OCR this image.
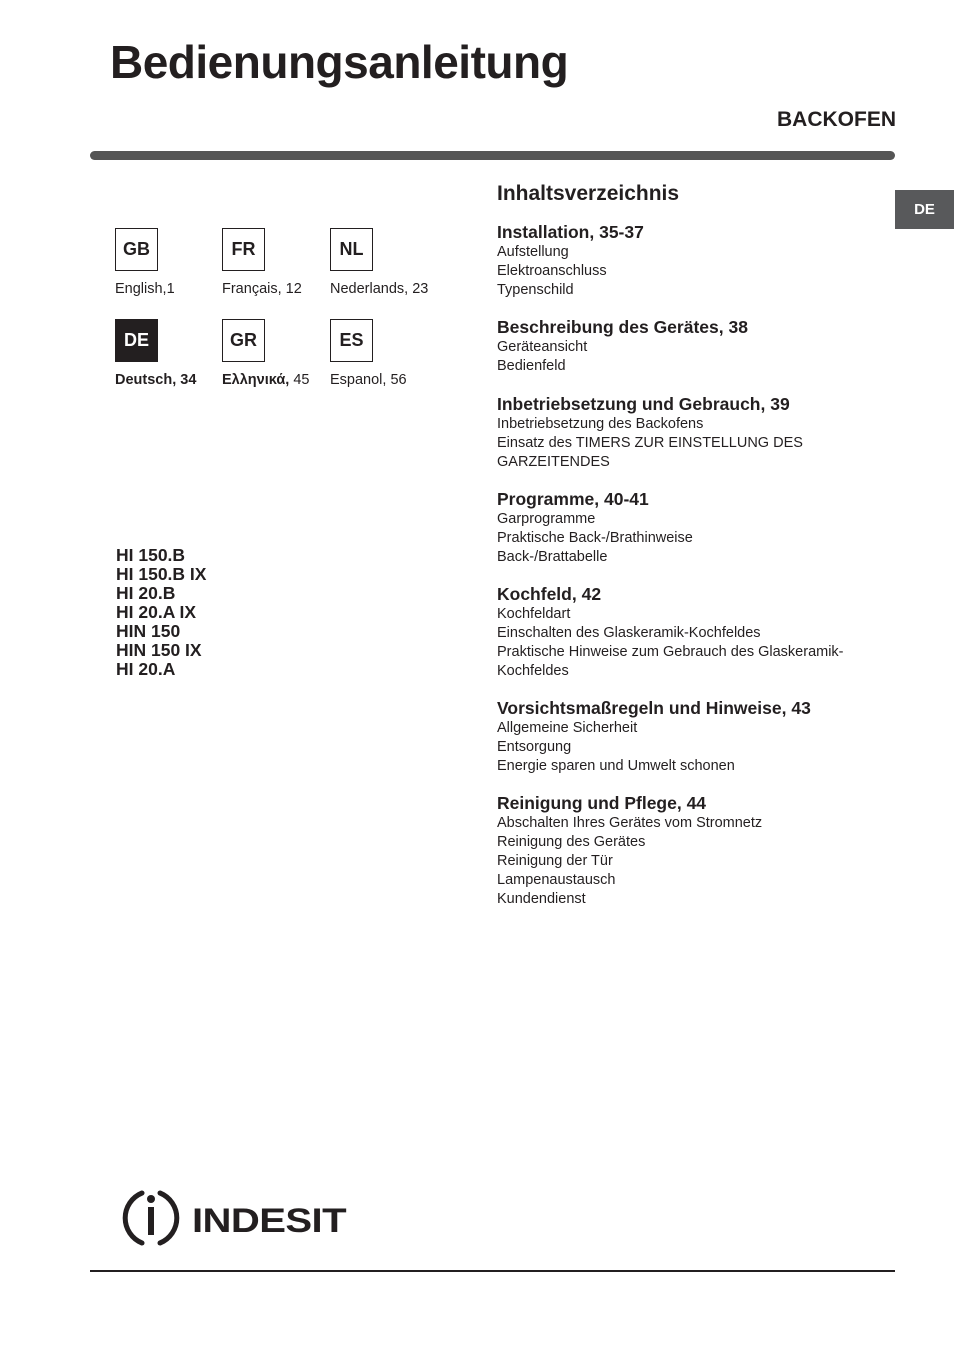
Bedienungsanleitung
BACKOFEN
DE
GB
English,1
FR
Français, 12
NL
Nederlands, 23
DE
Deutsch, 34
GR
Ελληνικά, 45
ES
Espanol, 56
HI 150.B
HI 150.B IX
HI 20.B
HI 20.A IX
HIN 150
HIN 150 IX
HI 20.A
Inhaltsverzeichnis
Installation, 35-37
Aufstellung
Elektroanschluss
Typenschild
Beschreibung des Gerätes, 38
Geräteansicht
Bedienfeld
Inbetriebsetzung und Gebrauch, 39
Inbetriebsetzung des Backofens
Einsatz des TIMERS ZUR EINSTELLUNG DES
GARZEITENDES
Programme, 40-41
Garprogramme
Praktische Back-/Brathinweise
Back-/Brattabelle
Kochfeld, 42
Kochfeldart
Einschalten des Glaskeramik-Kochfeldes
Praktische Hinweise zum Gebrauch des Glaskeramik-
Kochfeldes
Vorsichtsmaßregeln und Hinweise, 43
Allgemeine Sicherheit
Entsorgung
Energie sparen und Umwelt schonen
Reinigung und Pflege, 44
Abschalten Ihres Gerätes vom Stromnetz
Reinigung des Gerätes
Reinigung der Tür
Lampenaustausch
Kundendienst
INDESIT
